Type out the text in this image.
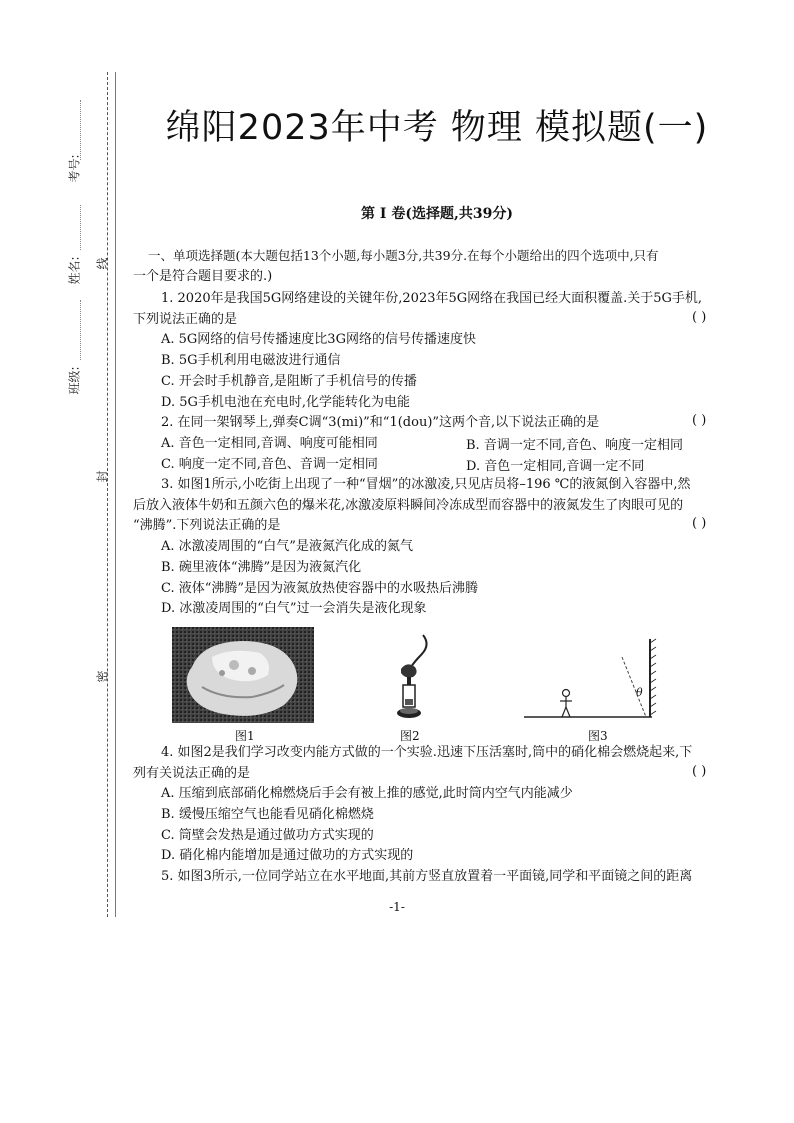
考号:
姓名:
班级:
线
封
密
绵阳2023年中考 物理 模拟题(一)
第 Ⅰ 卷(选择题,共39分)
一、单项选择题(本大题包括13个小题,每小题3分,共39分.在每个小题给出的四个选项中,只有
一个是符合题目要求的.)
1. 2020年是我国5G网络建设的关键年份,2023年5G网络在我国已经大面积覆盖.关于5G手机,
下列说法正确的是	( )
A. 5G网络的信号传播速度比3G网络的信号传播速度快
B. 5G手机利用电磁波进行通信
C. 开会时手机静音,是阻断了手机信号的传播
D. 5G手机电池在充电时,化学能转化为电能
2. 在同一架钢琴上,弹奏C调“3(mi)”和“1(dou)”这两个音,以下说法正确的是	( )
A. 音色一定相同,音调、响度可能相同	B. 音调一定不同,音色、响度一定相同
C. 响度一定不同,音色、音调一定相同	D. 音色一定相同,音调一定不同
3. 如图1所示,小吃街上出现了一种“冒烟”的冰激凌,只见店员将–196 ℃的液氮倒入容器中,然
后放入液体牛奶和五颜六色的爆米花,冰激凌原料瞬间冷冻成型而容器中的液氮发生了肉眼可见的
“沸腾”.下列说法正确的是	( )
A. 冰激凌周围的“白气”是液氮汽化成的氮气
B. 碗里液体“沸腾”是因为液氮汽化
C. 液体“沸腾”是因为液氮放热使容器中的水吸热后沸腾
D. 冰激凌周围的“白气”过一会消失是液化现象
θ
图1	图2	图3
4. 如图2是我们学习改变内能方式做的一个实验.迅速下压活塞时,筒中的硝化棉会燃烧起来,下
列有关说法正确的是	( )
A. 压缩到底部硝化棉燃烧后手会有被上推的感觉,此时筒内空气内能减少
B. 缓慢压缩空气也能看见硝化棉燃烧
C. 筒壁会发热是通过做功方式实现的
D. 硝化棉内能增加是通过做功的方式实现的
5. 如图3所示,一位同学站立在水平地面,其前方竖直放置着一平面镜,同学和平面镜之间的距离
-1-
